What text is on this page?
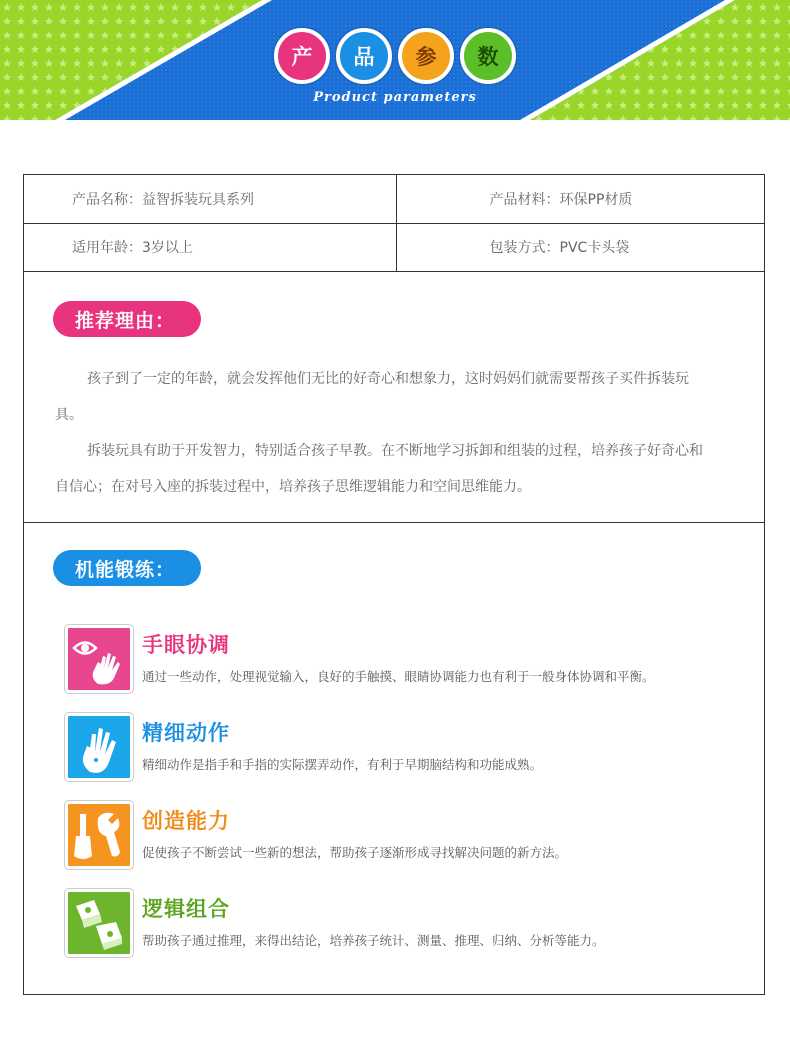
产	品	参	数
Product parameters
产品名称：益智拆装玩具系列	产品材料：环保PP材质
适用年龄：3岁以上	包装方式：PVC卡头袋
推荐理由：
孩子到了一定的年龄，就会发挥他们无比的好奇心和想象力，这时妈妈们就需要帮孩子买件拆装玩具。
拆装玩具有助于开发智力，特别适合孩子早教。在不断地学习拆卸和组装的过程，培养孩子好奇心和自信心；在对号入座的拆装过程中，培养孩子思维逻辑能力和空间思维能力。
机能锻练：
手眼协调
通过一些动作，处理视觉输入，良好的手触摸、眼睛协调能力也有利于一般身体协调和平衡。
精细动作
精细动作是指手和手指的实际摆弄动作，有利于早期脑结构和功能成熟。
创造能力
促使孩子不断尝试一些新的想法，帮助孩子逐渐形成寻找解决问题的新方法。
逻辑组合
帮助孩子通过推理，来得出结论，培养孩子统计、测量、推理、归纳、分析等能力。
